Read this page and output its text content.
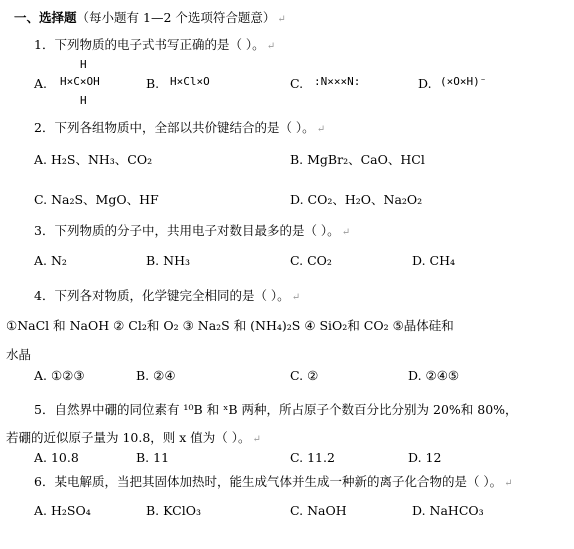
一、选择题（每小题有 1—2 个选项符合题意） ↵
1．下列物质的电子式书写正确的是（ ）。 ↵
A.
H
H×C×OH
H
B. H×Cl×O	C. :N×××N:	D. (×O×H)⁻
2．下列各组物质中，全部以共价键结合的是（ ）。 ↵
A. H₂S、NH₃、CO₂	B. MgBr₂、CaO、HCl
C. Na₂S、MgO、HF	D. CO₂、H₂O、Na₂O₂
3．下列物质的分子中，共用电子对数目最多的是（ ）。 ↵
A. N₂	B. NH₃	C. CO₂	D. CH₄
4．下列各对物质，化学键完全相同的是（ ）。 ↵
①NaCl 和 NaOH ② Cl₂和 O₂ ③ Na₂S 和 (NH₄)₂S ④ SiO₂和 CO₂ ⑤晶体硅和
水晶
A. ①②③	B. ②④	C. ②	D. ②④⑤
5．自然界中硼的同位素有 ¹⁰B 和 ˣB 两种，所占原子个数百分比分别为 20%和 80%，
若硼的近似原子量为 10.8，则 x 值为（ ）。 ↵
A. 10.8	B. 11	C. 11.2	D. 12
6．某电解质，当把其固体加热时，能生成气体并生成一种新的离子化合物的是（ ）。 ↵
A. H₂SO₄	B. KClO₃	C. NaOH	D. NaHCO₃
